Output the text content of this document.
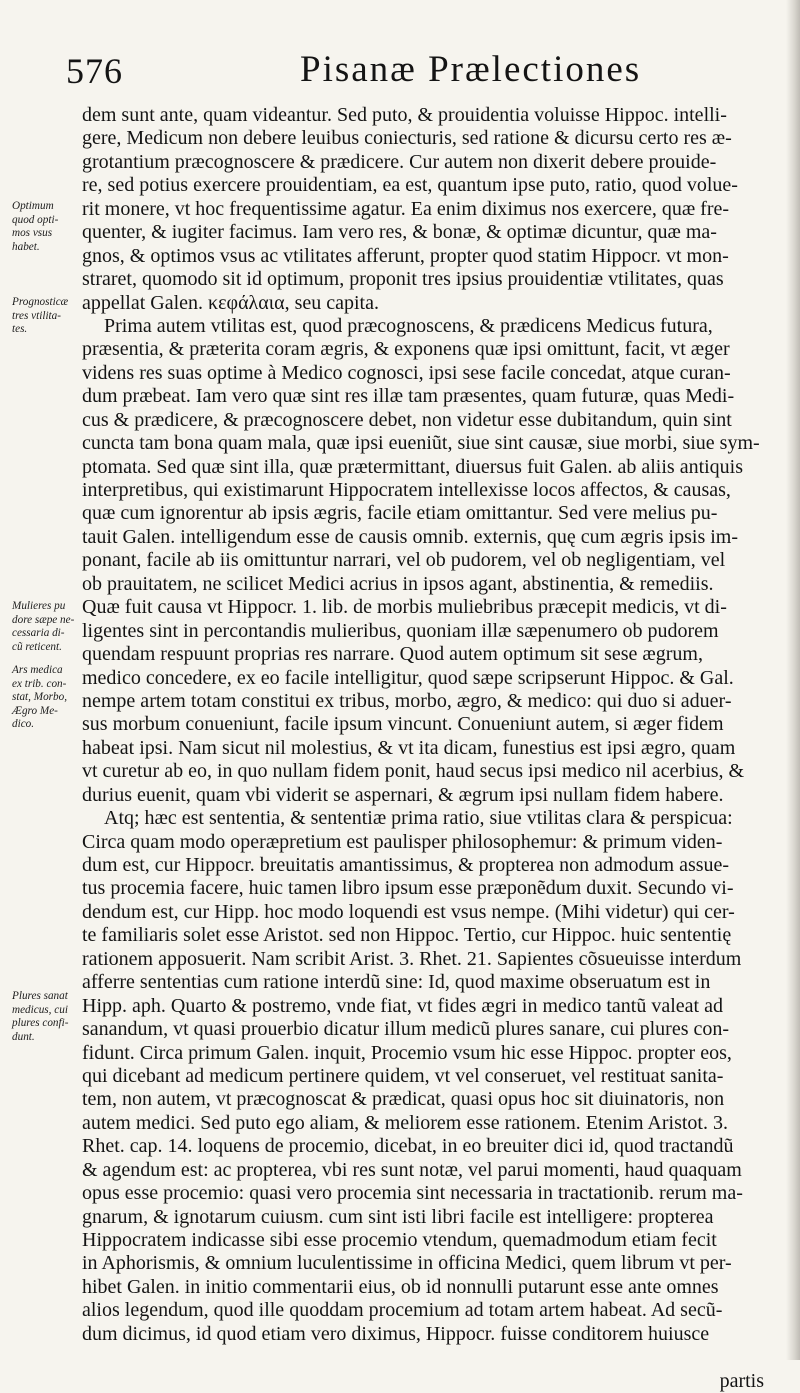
576	Pisanæ Prælectiones
Optimum
quod opti-
mos vsus
habet.
Prognosticæ
tres vtilita-
tes.
Mulieres pu
dore sæpe ne-
cessaria di-
cũ reticent.
Ars medica
ex trib. con-
stat, Morbo,
Ægro Me-
dico.
Plures sanat
medicus, cui
plures confi-
dunt.
dem sunt ante, quam videantur. Sed puto, & prouidentia voluisse Hippoc. intelli-
gere, Medicum non debere leuibus coniecturis, sed ratione & dicursu certo res æ-
grotantium præcognoscere & prædicere. Cur autem non dixerit debere prouide-
re, sed potius exercere prouidentiam, ea est, quantum ipse puto, ratio, quod volue-
rit monere, vt hoc frequentissime agatur. Ea enim diximus nos exercere, quæ fre-
quenter, & iugiter facimus. Iam vero res, & bonæ, & optimæ dicuntur, quæ ma-
gnos, & optimos vsus ac vtilitates afferunt, propter quod statim Hippocr. vt mon-
straret, quomodo sit id optimum, proponit tres ipsius prouidentiæ vtilitates, quas
appellat Galen. κεφάλαια, seu capita.
Prima autem vtilitas est, quod præcognoscens, & prædicens Medicus futura,
præsentia, & præterita coram ægris, & exponens quæ ipsi omittunt, facit, vt æger
videns res suas optime à Medico cognosci, ipsi sese facile concedat, atque curan-
dum præbeat. Iam vero quæ sint res illæ tam præsentes, quam futuræ, quas Medi-
cus & prædicere, & præcognoscere debet, non videtur esse dubitandum, quin sint
cuncta tam bona quam mala, quæ ipsi eueniũt, siue sint causæ, siue morbi, siue sym-
ptomata. Sed quæ sint illa, quæ prætermittant, diuersus fuit Galen. ab aliis antiquis
interpretibus, qui existimarunt Hippocratem intellexisse locos affectos, & causas,
quæ cum ignorentur ab ipsis ægris, facile etiam omittantur. Sed vere melius pu-
tauit Galen. intelligendum esse de causis omnib. externis, quę cum ægris ipsis im-
ponant, facile ab iis omittuntur narrari, vel ob pudorem, vel ob negligentiam, vel
ob prauitatem, ne scilicet Medici acrius in ipsos agant, abstinentia, & remediis.
Quæ fuit causa vt Hippocr. 1. lib. de morbis muliebribus præcepit medicis, vt di-
ligentes sint in percontandis mulieribus, quoniam illæ sæpenumero ob pudorem
quendam respuunt proprias res narrare. Quod autem optimum sit sese ægrum,
medico concedere, ex eo facile intelligitur, quod sæpe scripserunt Hippoc. & Gal.
nempe artem totam constitui ex tribus, morbo, ægro, & medico: qui duo si aduer-
sus morbum conueniunt, facile ipsum vincunt. Conueniunt autem, si æger fidem
habeat ipsi. Nam sicut nil molestius, & vt ita dicam, funestius est ipsi ægro, quam
vt curetur ab eo, in quo nullam fidem ponit, haud secus ipsi medico nil acerbius, &
durius euenit, quam vbi viderit se aspernari, & ægrum ipsi nullam fidem habere.
Atq; hæc est sententia, & sententiæ prima ratio, siue vtilitas clara & perspicua:
Circa quam modo operæpretium est paulisper philosophemur: & primum viden-
dum est, cur Hippocr. breuitatis amantissimus, & propterea non admodum assue-
tus procemia facere, huic tamen libro ipsum esse præponẽdum duxit. Secundo vi-
dendum est, cur Hipp. hoc modo loquendi est vsus nempe. (Mihi videtur) qui cer-
te familiaris solet esse Aristot. sed non Hippoc. Tertio, cur Hippoc. huic sententię
rationem apposuerit. Nam scribit Arist. 3. Rhet. 21. Sapientes cõsueuisse interdum
afferre sententias cum ratione interdũ sine: Id, quod maxime obseruatum est in
Hipp. aph. Quarto & postremo, vnde fiat, vt fides ægri in medico tantũ valeat ad
sanandum, vt quasi prouerbio dicatur illum medicũ plures sanare, cui plures con-
fidunt. Circa primum Galen. inquit, Procemio vsum hic esse Hippoc. propter eos,
qui dicebant ad medicum pertinere quidem, vt vel conseruet, vel restituat sanita-
tem, non autem, vt præcognoscat & prædicat, quasi opus hoc sit diuinatoris, non
autem medici. Sed puto ego aliam, & meliorem esse rationem. Etenim Aristot. 3.
Rhet. cap. 14. loquens de procemio, dicebat, in eo breuiter dici id, quod tractandũ
& agendum est: ac propterea, vbi res sunt notæ, vel parui momenti, haud quaquam
opus esse procemio: quasi vero procemia sint necessaria in tractationib. rerum ma-
gnarum, & ignotarum cuiusm. cum sint isti libri facile est intelligere: propterea
Hippocratem indicasse sibi esse procemio vtendum, quemadmodum etiam fecit
in Aphorismis, & omnium luculentissime in officina Medici, quem librum vt per-
hibet Galen. in initio commentarii eius, ob id nonnulli putarunt esse ante omnes
alios legendum, quod ille quoddam procemium ad totam artem habeat. Ad secũ-
dum dicimus, id quod etiam vero diximus, Hippocr. fuisse conditorem huiusce
partis
